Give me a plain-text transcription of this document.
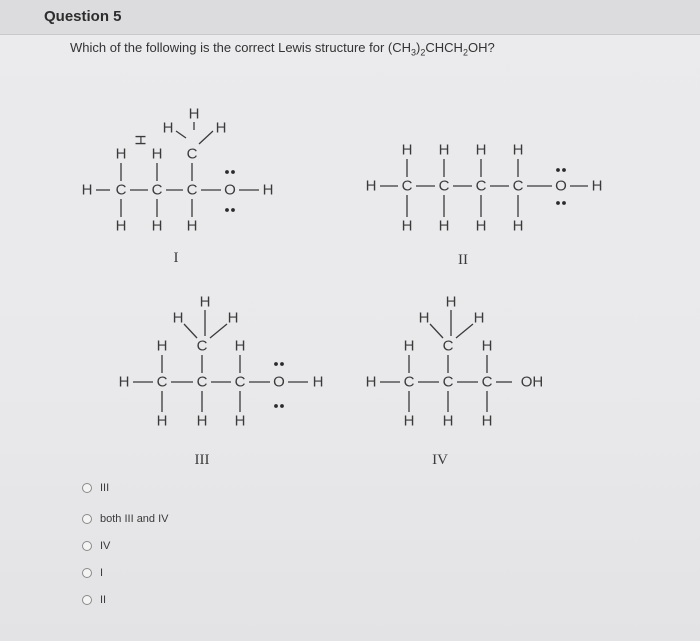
Question 5
Which of the following is the correct Lewis structure for $(CH_3)_2CHCH_2OH$?
H C C C O H
H H C
H
H	H
H H H
I
H
H C C C C O H
H
H
H
H
H
H
H
H
II
H C C C O H
H C H
H
H	H
H H H
III
H C C C OH
H C H
H
H	H
H H H
IV
III
both III and IV
IV
I
II
